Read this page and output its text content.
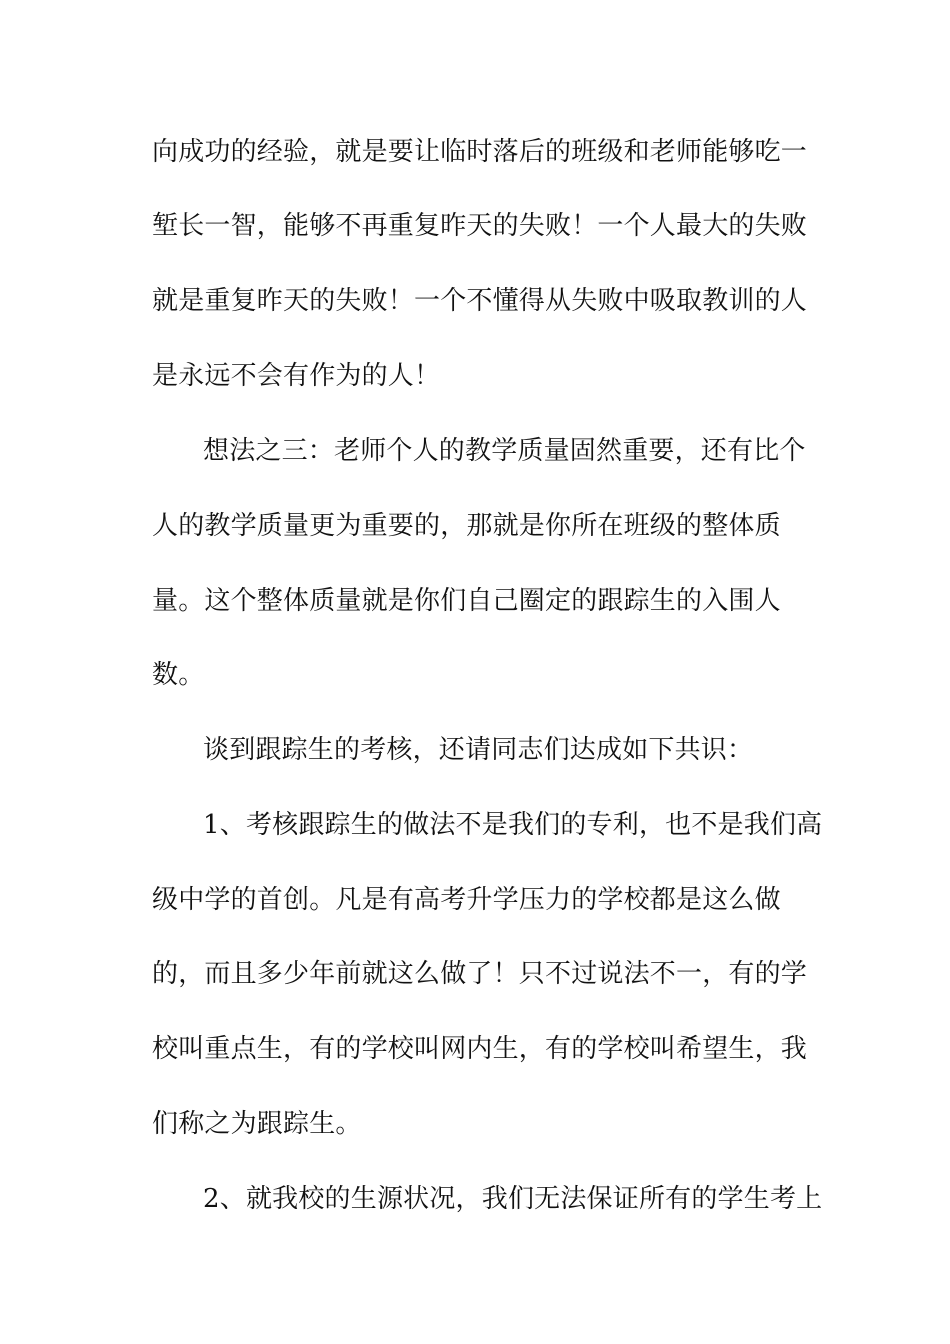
向成功的经验，就是要让临时落后的班级和老师能够吃一
堑长一智，能够不再重复昨天的失败！一个人最大的失败
就是重复昨天的失败！一个不懂得从失败中吸取教训的人
是永远不会有作为的人！
想法之三：老师个人的教学质量固然重要，还有比个
人的教学质量更为重要的，那就是你所在班级的整体质
量。这个整体质量就是你们自己圈定的跟踪生的入围人
数。
谈到跟踪生的考核，还请同志们达成如下共识：
1、考核跟踪生的做法不是我们的专利，也不是我们高
级中学的首创。凡是有高考升学压力的学校都是这么做
的，而且多少年前就这么做了！只不过说法不一，有的学
校叫重点生，有的学校叫网内生，有的学校叫希望生，我
们称之为跟踪生。
2、就我校的生源状况，我们无法保证所有的学生考上
